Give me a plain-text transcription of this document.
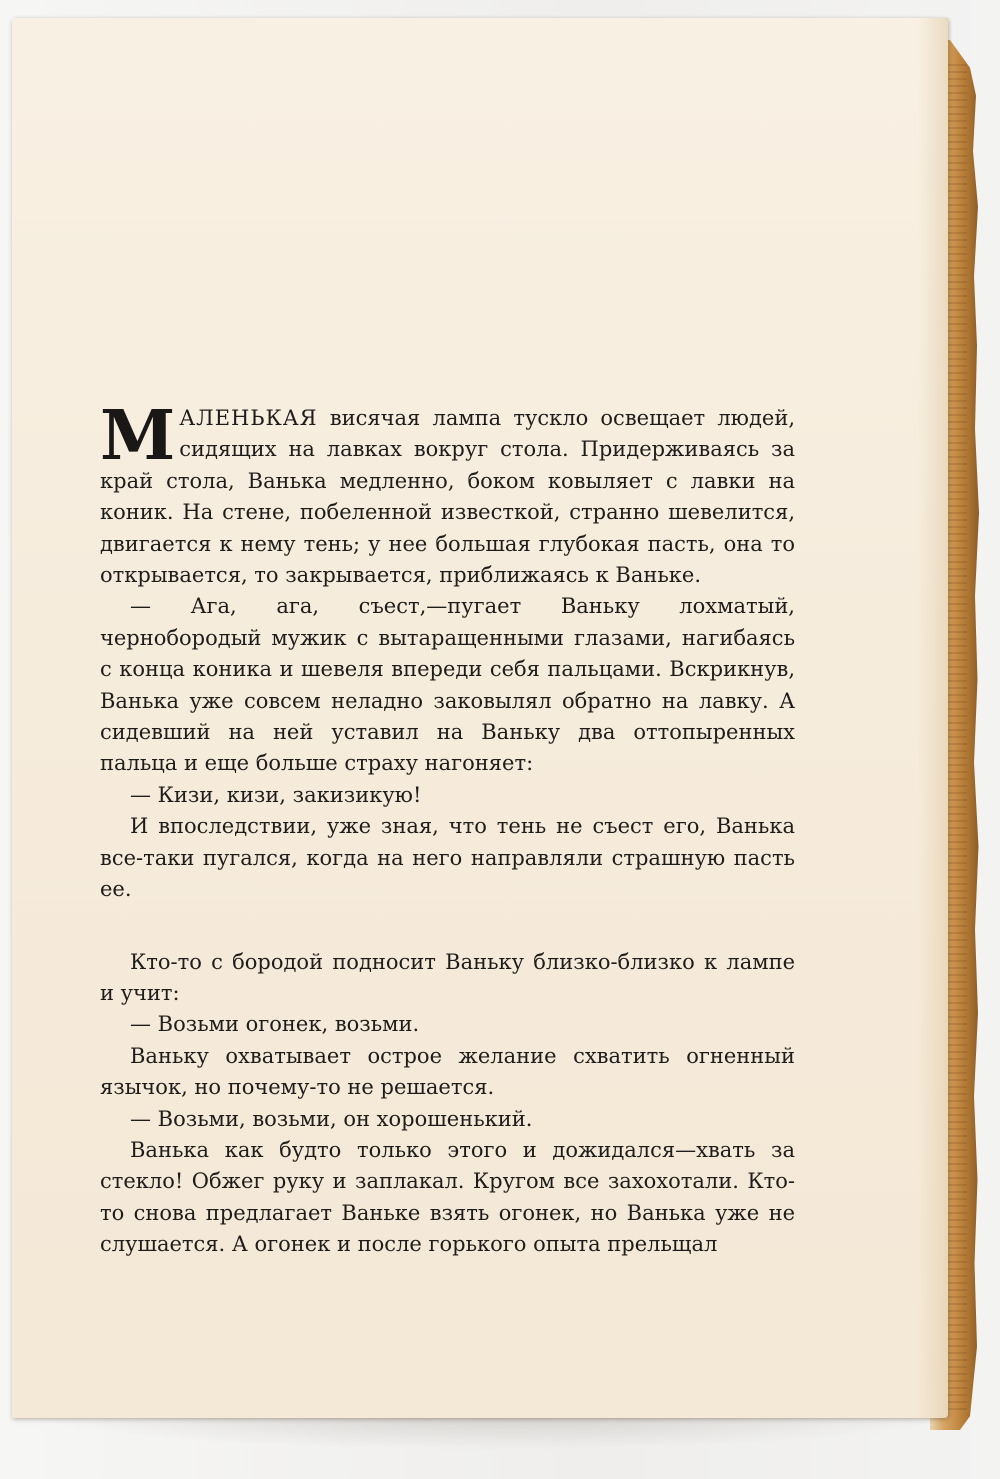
МАЛЕНЬКАЯ висячая лампа тускло освещает людей, сидящих на лавках вокруг стола. Придерживаясь за край стола, Ванька медленно, боком ковыляет с лавки на коник. На стене, побеленной известкой, странно шевелится, двигается к нему тень; у нее большая глубокая пасть, она то открывается, то закрывается, приближаясь к Ваньке.

— Ага, ага, съест,—пугает Ваньку лохматый, чернобородый мужик с вытаращенными глазами, нагибаясь с конца коника и шевеля впереди себя пальцами. Вскрикнув, Ванька уже совсем неладно заковылял обратно на лавку. А сидевший на ней уставил на Ваньку два оттопыренных пальца и еще больше страху нагоняет:

— Кизи, кизи, закизикую!

И впоследствии, уже зная, что тень не съест его, Ванька все-таки пугался, когда на него направляли страшную пасть ее.

Кто-то с бородой подносит Ваньку близко-близко к лампе и учит:

— Возьми огонек, возьми.

Ваньку охватывает острое желание схватить огненный язычок, но почему-то не решается.

— Возьми, возьми, он хорошенький.

Ванька как будто только этого и дожидался—хвать за стекло! Обжег руку и заплакал. Кругом все захохотали. Кто-то снова предлагает Ваньке взять огонек, но Ванька уже не слушается. А огонек и после горького опыта прельщал
